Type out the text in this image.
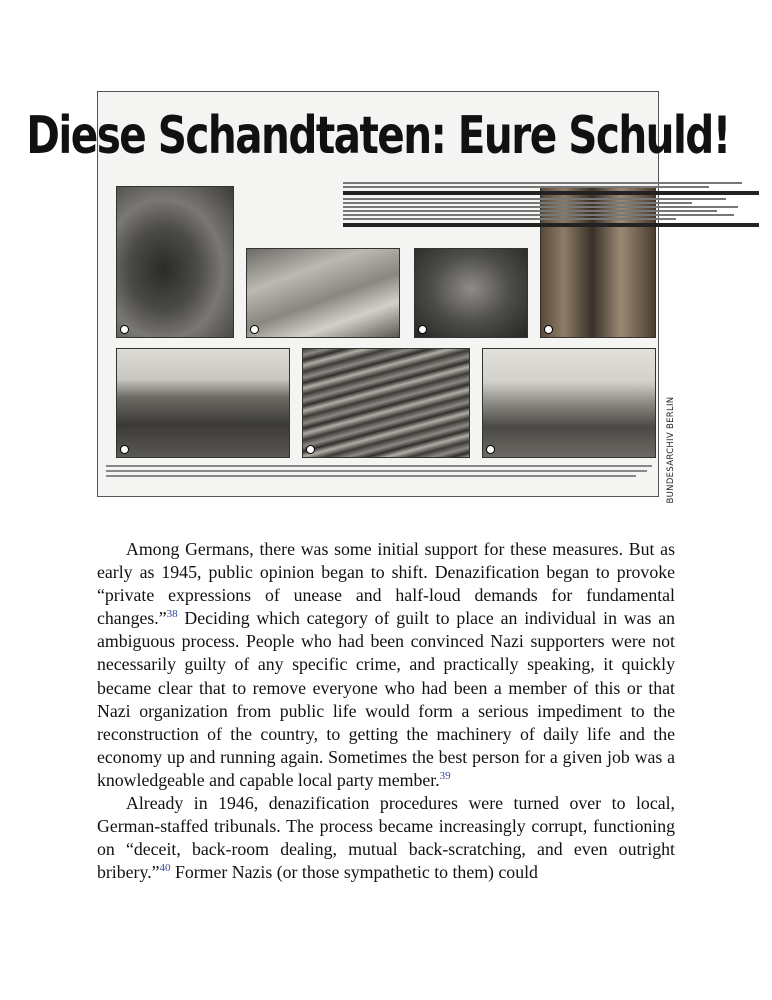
Diese Schandtaten: Eure Schuld!
BUNDESARCHIV BERLIN

Among Germans, there was some initial support for these measures. But as early as 1945, public opinion began to shift. Denazification began to provoke “private expressions of unease and half-loud demands for fundamental changes.”$^{38}$ Deciding which category of guilt to place an individual in was an ambiguous process. People who had been convinced Nazi supporters were not necessarily guilty of any specific crime, and practically speaking, it quickly became clear that to remove everyone who had been a member of this or that Nazi organization from public life would form a serious impediment to the reconstruction of the country, to getting the machinery of daily life and the economy up and running again. Sometimes the best person for a given job was a knowledgeable and capable local party member.$^{39}$

Already in 1946, denazification procedures were turned over to local, German-staffed tribunals. The process became increasingly corrupt, functioning on “deceit, back-room dealing, mutual back-scratching, and even outright bribery.”$^{40}$ Former Nazis (or those sympathetic to them) could
